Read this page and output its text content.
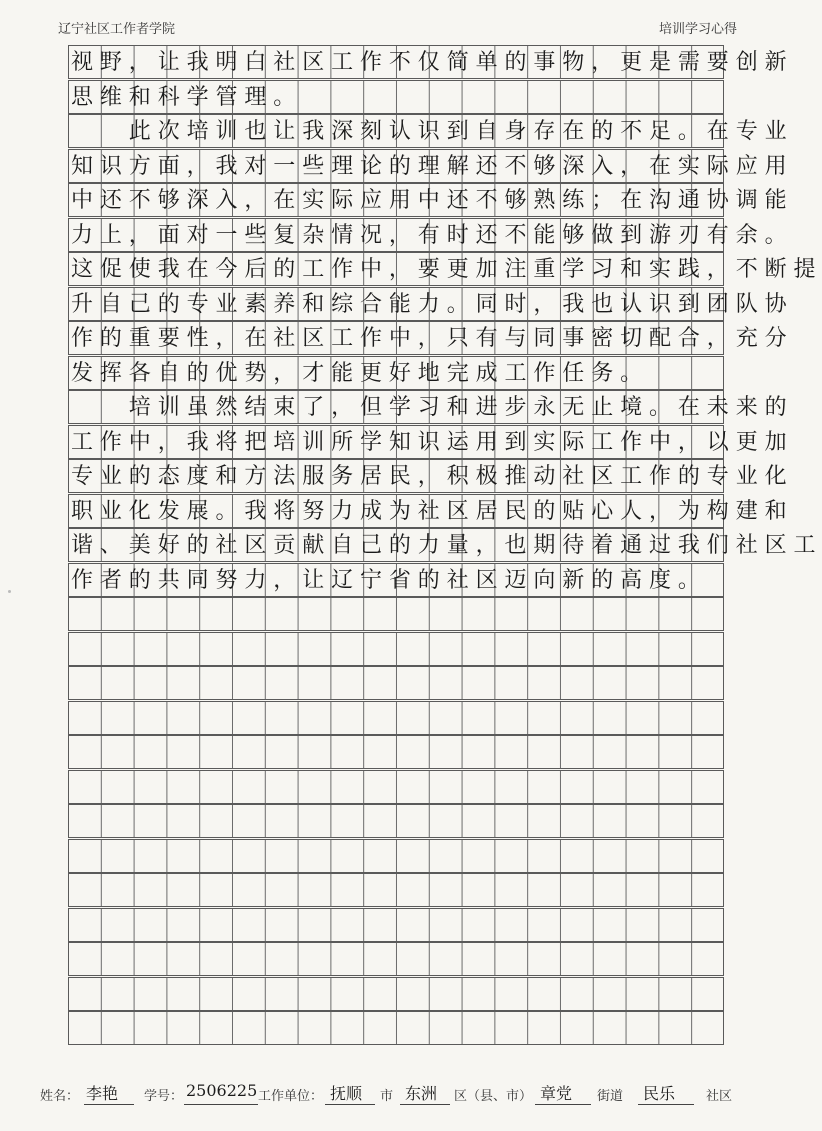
辽宁社区工作者学院	培训学习心得
视野，让我明白社区工作不仅简单的事物，更是需要创新
思维和科学管理。
　　此次培训也让我深刻认识到自身存在的不足。在专业
知识方面，我对一些理论的理解还不够深入，在实际应用
中还不够深入，在实际应用中还不够熟练；在沟通协调能
力上，面对一些复杂情况，有时还不能够做到游刃有余。
这促使我在今后的工作中，要更加注重学习和实践，不断提
升自己的专业素养和综合能力。同时，我也认识到团队协
作的重要性，在社区工作中，只有与同事密切配合，充分
发挥各自的优势，才能更好地完成工作任务。
　　培训虽然结束了，但学习和进步永无止境。在未来的
工作中，我将把培训所学知识运用到实际工作中，以更加
专业的态度和方法服务居民，积极推动社区工作的专业化
职业化发展。我将努力成为社区居民的贴心人，为构建和
谐、美好的社区贡献自己的力量，也期待着通过我们社区工
作者的共同努力，让辽宁省的社区迈向新的高度。
姓名： 李艳 学号： 2506225 工作单位： 抚顺 市 东洲 区（县、市） 章党 街道 民乐 社区
